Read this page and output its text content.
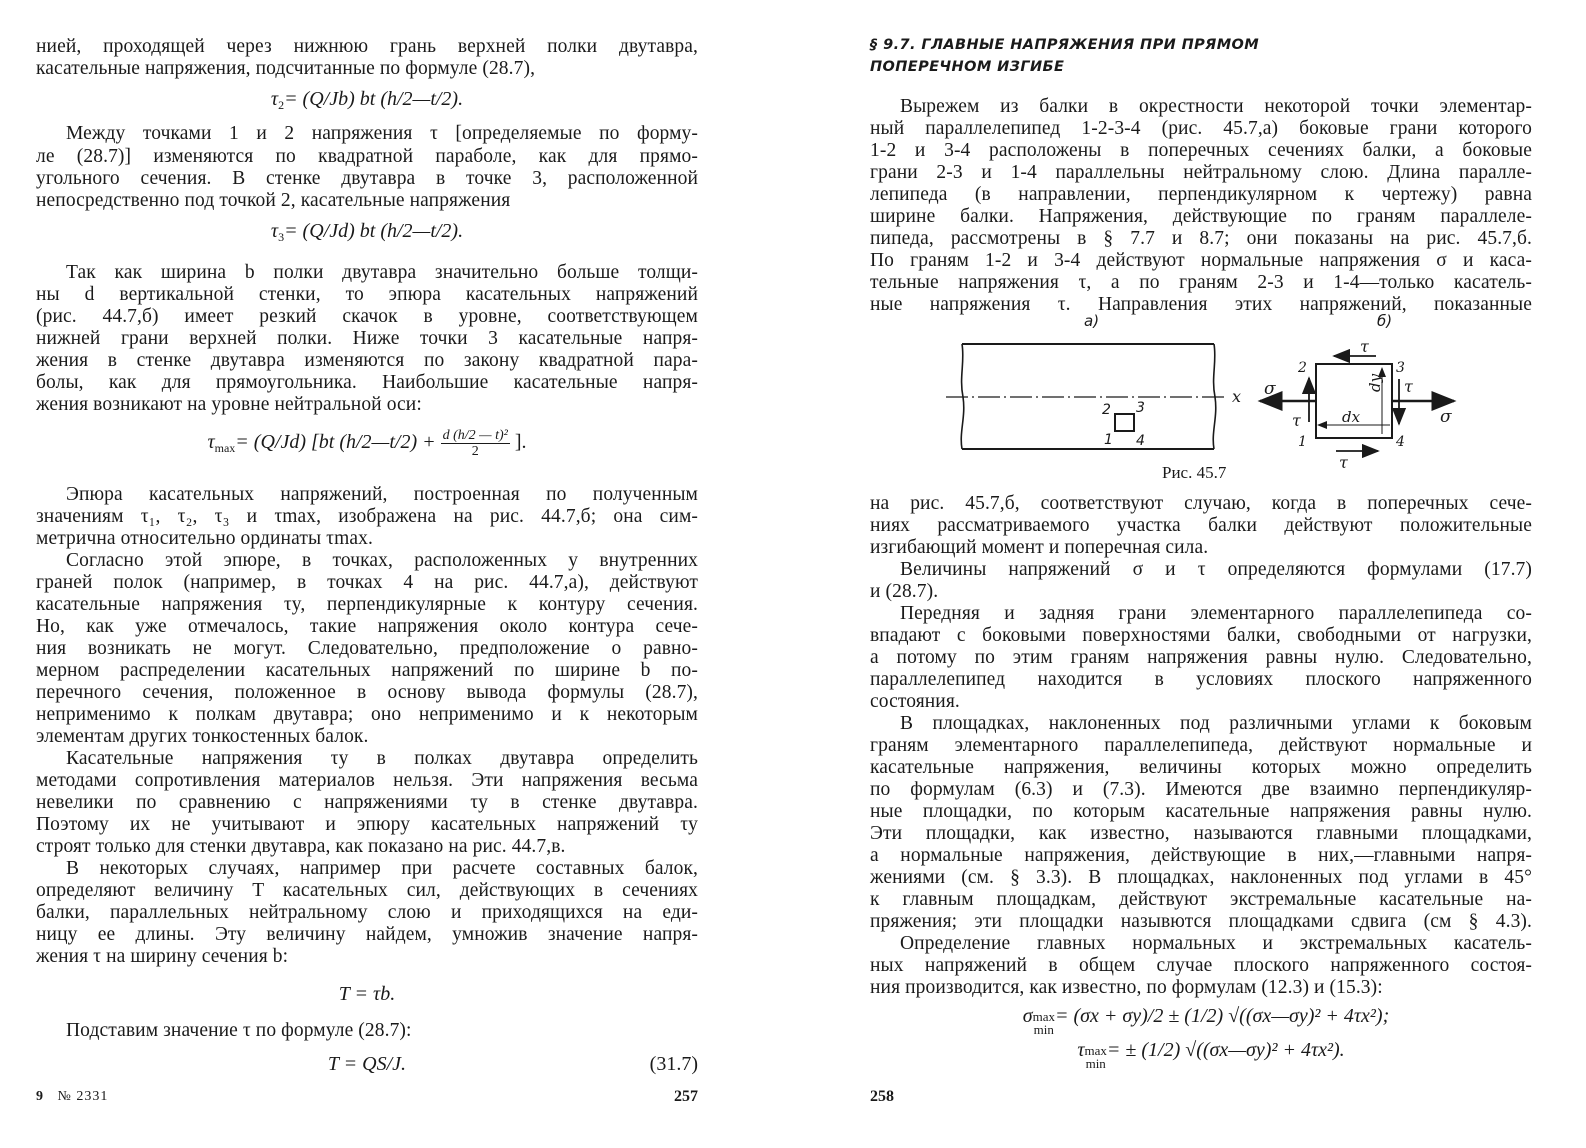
нией, проходящей через нижнюю грань верхней полки двутавра,
касательные напряжения, подсчитанные по формуле (28.7),
$\tau_2= (Q/Jb)$ bt (h/2—t/2).
Между точками 1 и 2 напряжения τ [определяемые по форму-
ле (28.7)] изменяются по квадратной параболе, как для прямо-
угольного сечения. В стенке двутавра в точке 3, расположенной
непосредственно под точкой 2, касательные напряжения
$\tau_3= (Q/Jd)$ bt (h/2—t/2).
Так как ширина b полки двутавра значительно больше толщи-
ны d вертикальной стенки, то эпюра касательных напряжений
(рис. 44.7,б) имеет резкий скачок в уровне, соответствующем
нижней грани верхней полки. Ниже точки 3 касательные напря-
жения в стенке двутавра изменяются по закону квадратной пара-
болы, как для прямоугольника. Наибольшие касательные напря-
жения возникают на уровне нейтральной оси:
$\tau_{max}= (Q/Jd)$ [bt (h/2—t/2) + $\frac{\text{d (h/2 — t)²}}{2}$ ].
Эпюра касательных напряжений, построенная по полученным
значениям τ₁, τ₂, τ₃ и τmax, изображена на рис. 44.7,б; она сим-
метрична относительно ординаты τmax.
Согласно этой эпюре, в точках, расположенных у внутренних
граней полок (например, в точках 4 на рис. 44.7,а), действуют
касательные напряжения τy, перпендикулярные к контуру сечения.
Но, как уже отмечалось, такие напряжения около контура сече-
ния возникать не могут. Следовательно, предположение о равно-
мерном распределении касательных напряжений по ширине b по-
перечного сечения, положенное в основу вывода формулы (28.7),
неприменимо к полкам двутавра; оно неприменимо и к некоторым
элементам других тонкостенных балок.
Касательные напряжения τy в полках двутавра определить
методами сопротивления материалов нельзя. Эти напряжения весьма
невелики по сравнению с напряжениями τy в стенке двутавра.
Поэтому их не учитывают и эпюру касательных напряжений τy
строят только для стенки двутавра, как показано на рис. 44.7,в.
В некоторых случаях, например при расчете составных балок,
определяют величину T касательных сил, действующих в сечениях
балки, параллельных нейтральному слою и приходящихся на еди-
ницу ее длины. Эту величину найдем, умножив значение напря-
жения τ на ширину сечения b:
T = τb.
Подставим значение τ по формуле (28.7):
T = QS/J.	(31.7)
9 № 2331	257
§ 9.7. ГЛАВНЫЕ НАПРЯЖЕНИЯ ПРИ ПРЯМОМ
ПОПЕРЕЧНОМ ИЗГИБЕ
Вырежем из балки в окрестности некоторой точки элементар-
ный параллелепипед 1-2-3-4 (рис. 45.7,а) боковые грани которого
1-2 и 3-4 расположены в поперечных сечениях балки, а боковые
грани 2-3 и 1-4 параллельны нейтральному слою. Длина паралле-
лепипеда (в направлении, перпендикулярном к чертежу) равна
ширине балки. Напряжения, действующие по граням параллеле-
пипеда, рассмотрены в § 7.7 и 8.7; они показаны на рис. 45.7,б.
По граням 1-2 и 3-4 действуют нормальные напряжения σ и каса-
тельные напряжения τ, а по граням 2-3 и 1-4—только касатель-
ные напряжения τ. Направления этих напряжений, показанные
а)
x
2 3
1 4
Рис. 45.7
б)
2	3
1	4
σ
σ
τ
τ
τ
τ
dx
dy
на рис. 45.7,б, соответствуют случаю, когда в поперечных сече-
ниях рассматриваемого участка балки действуют положительные
изгибающий момент и поперечная сила.
Величины напряжений σ и τ определяются формулами (17.7)
и (28.7).
Передняя и задняя грани элементарного параллелепипеда со-
впадают с боковыми поверхностями балки, свободными от нагрузки,
а потому по этим граням напряжения равны нулю. Следовательно,
параллелепипед находится в условиях плоского напряженного
состояния.
В площадках, наклоненных под различными углами к боковым
граням элементарного параллелепипеда, действуют нормальные и
касательные напряжения, величины которых можно определить
по формулам (6.3) и (7.3). Имеются две взаимно перпендикуляр-
ные площадки, по которым касательные напряжения равны нулю.
Эти площадки, как известно, называются главными площадками,
а нормальные напряжения, действующие в них,—главными напря-
жениями (см. § 3.3). В площадках, наклоненных под углами в 45°
к главным площадкам, действуют экстремальные касательные на-
пряжения; эти площадки назывются площадками сдвига (см § 4.3).
Определение главных нормальных и экстремальных касатель-
ных напряжений в общем случае плоского напряженного состоя-
ния производится, как известно, по формулам (12.3) и (15.3):
σ max
min
= (σx + σy)/2 ± (1/2) √((σx—σy)² + 4τx²);
τ max
min
= ± (1/2) √((σx—σy)² + 4τx²).
258
